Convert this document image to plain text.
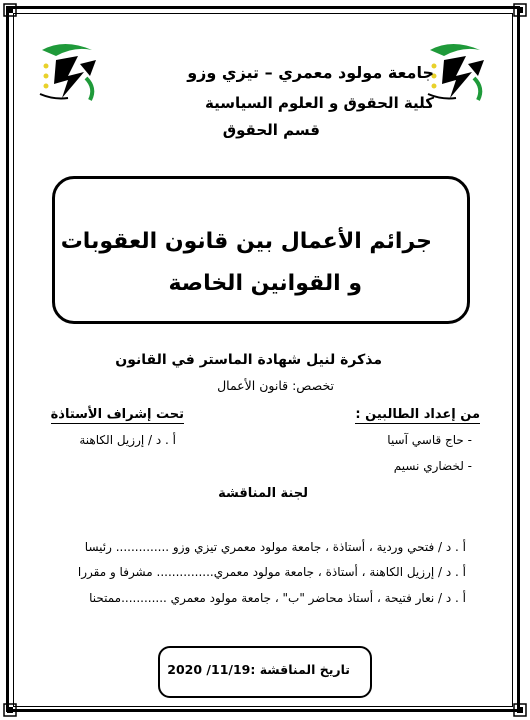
جامعة مولود معمري – تيزي وزو
كلية الحقوق و العلوم السياسية
قسم الحقوق
جرائم الأعمال بين قانون العقوبات
و القوانين الخاصة
مذكرة لنيل شهادة الماستر في القانون
تخصص: قانون الأعمال
من إعداد الطالبين :
تحت إشراف الأستاذة
- حاج قاسي آسيا
- لخضاري نسيم
أ . د / إرزيل الكاهنة
لجنة المناقشة
أ . د / فتحي وردية ، أستاذة ، جامعة مولود معمري تيزي وزو .............. رئيسا
أ . د / إرزيل الكاهنة ، أستاذة ، جامعة مولود معمري............... مشرفا و مقررا
أ . د / نعار فتيحة ، أستاذ محاضر "ب" ، جامعة مولود معمري ............ممتحنا
تاريخ المناقشة :11/19/ 2020
